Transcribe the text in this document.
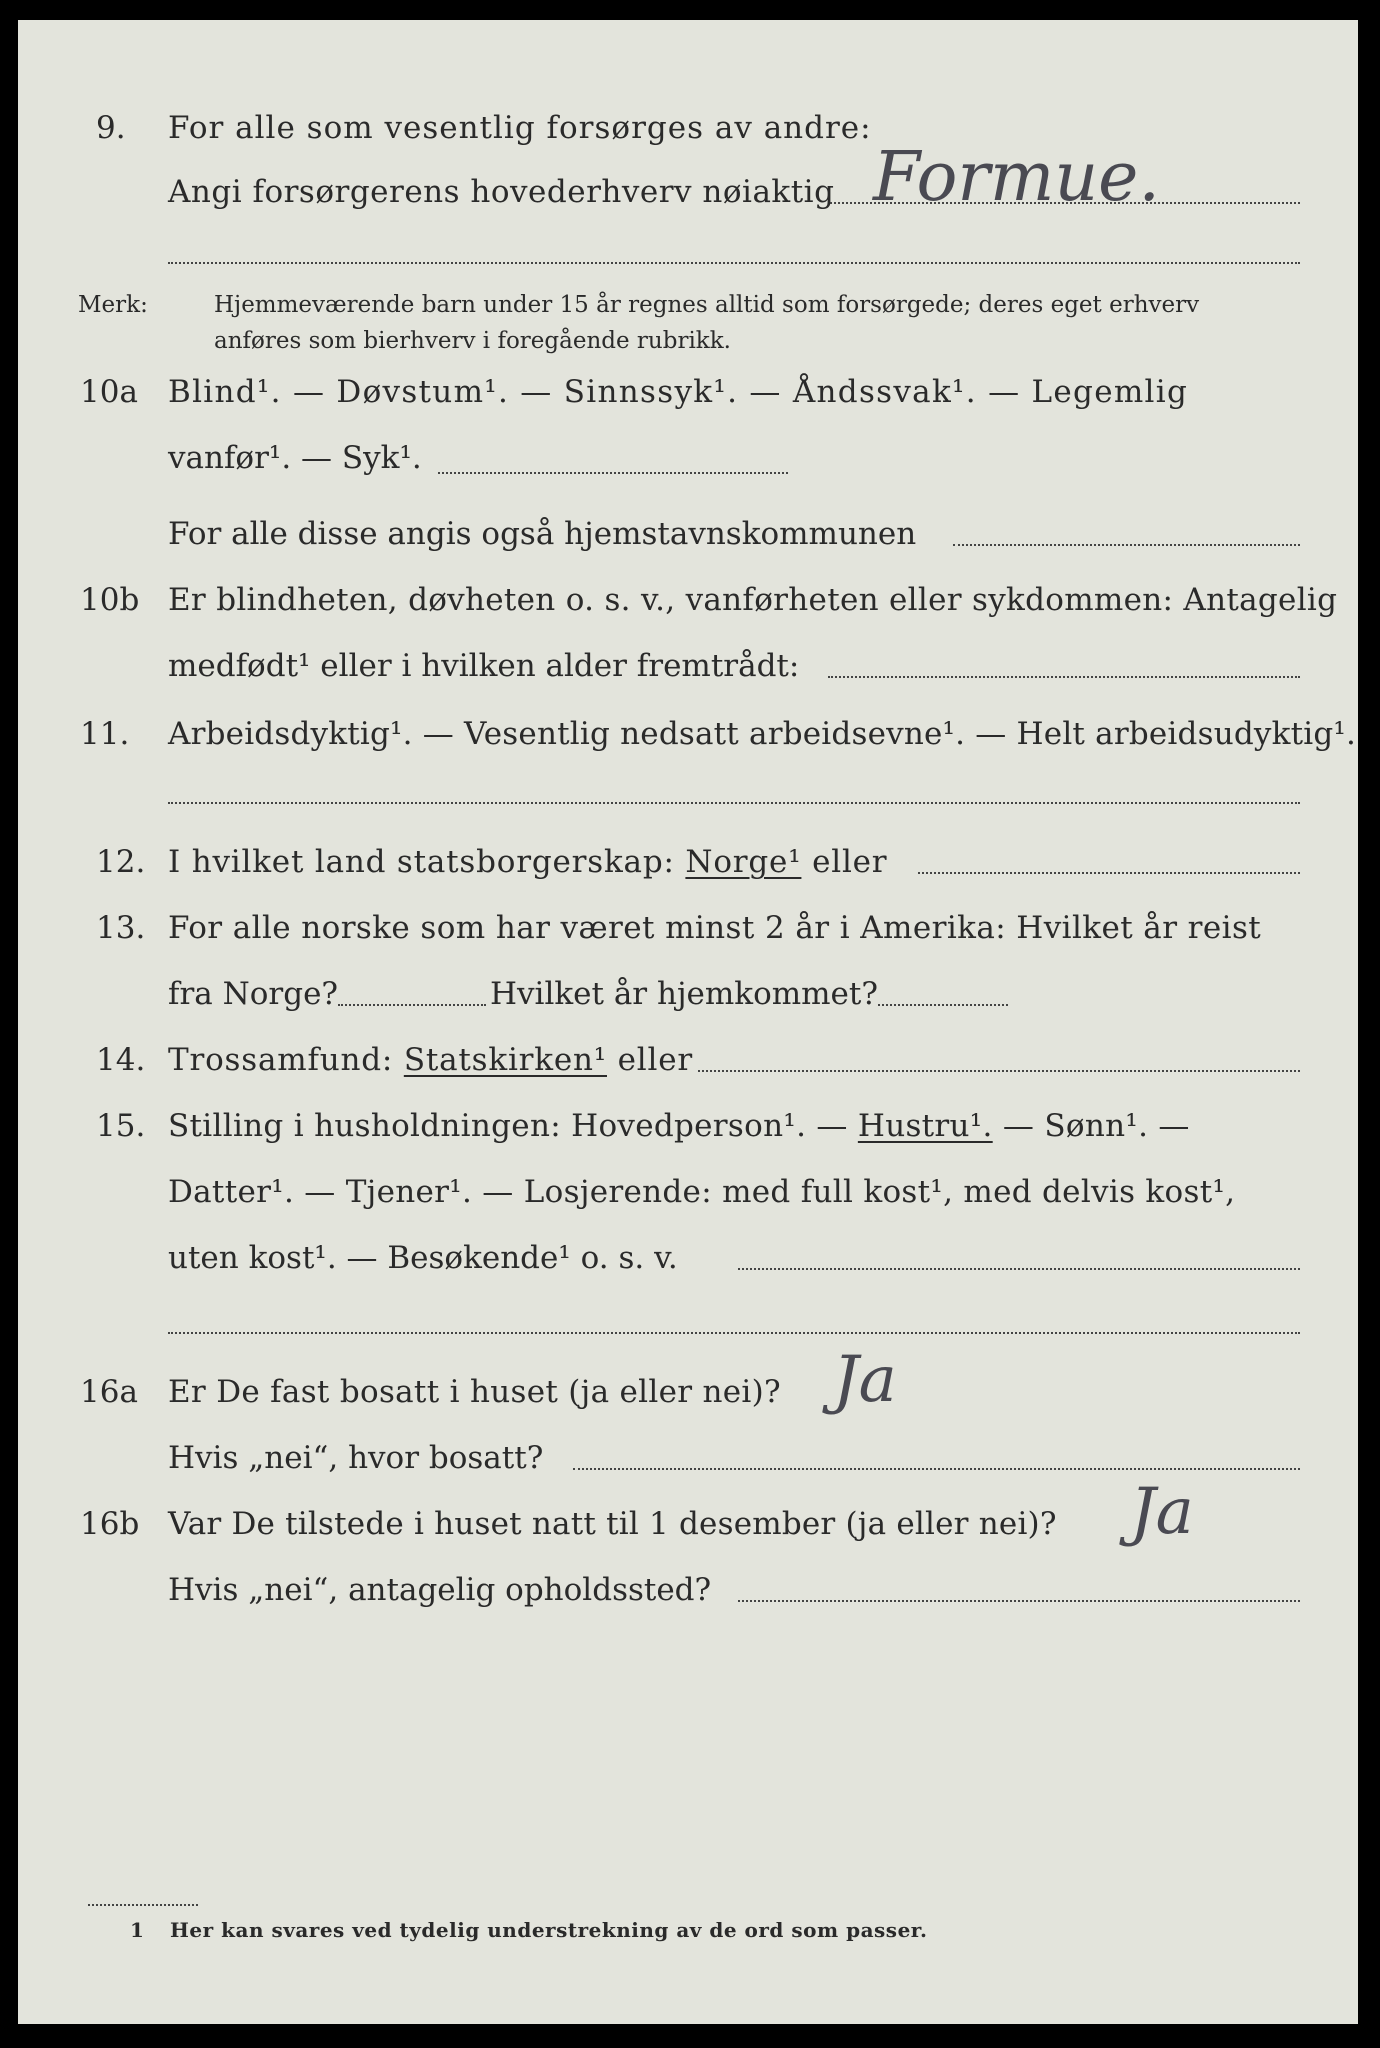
9. For alle som vesentlig forsørges av andre:
Angi forsørgerens hovederhverv nøiaktig Formue.
Merk:	Hjemmeværende barn under 15 år regnes alltid som forsørgede; deres eget erhverv
anføres som bierhverv i foregående rubrikk.
10a Blind¹. — Døvstum¹. — Sinnssyk¹. — Åndssvak¹. — Legemlig
vanfør¹. — Syk¹.
For alle disse angis også hjemstavnskommunen
10b Er blindheten, døvheten o. s. v., vanførheten eller sykdommen: Antagelig
medfødt¹ eller i hvilken alder fremtrådt:
11. Arbeidsdyktig¹. — Vesentlig nedsatt arbeidsevne¹. — Helt arbeidsudyktig¹.
12. I hvilket land statsborgerskap: Norge¹ eller
13. For alle norske som har været minst 2 år i Amerika: Hvilket år reist
fra Norge?	Hvilket år hjemkommet?
14. Trossamfund: Statskirken¹ eller
15. Stilling i husholdningen: Hovedperson¹. — Hustru¹. — Sønn¹. —
Datter¹. — Tjener¹. — Losjerende: med full kost¹, med delvis kost¹,
uten kost¹. — Besøkende¹ o. s. v.
16a Er De fast bosatt i huset (ja eller nei)? Ja
Hvis „nei“, hvor bosatt?
16b Var De tilstede i huset natt til 1 desember (ja eller nei)? Ja
Hvis „nei“, antagelig opholdssted?
1 Her kan svares ved tydelig understrekning av de ord som passer.
